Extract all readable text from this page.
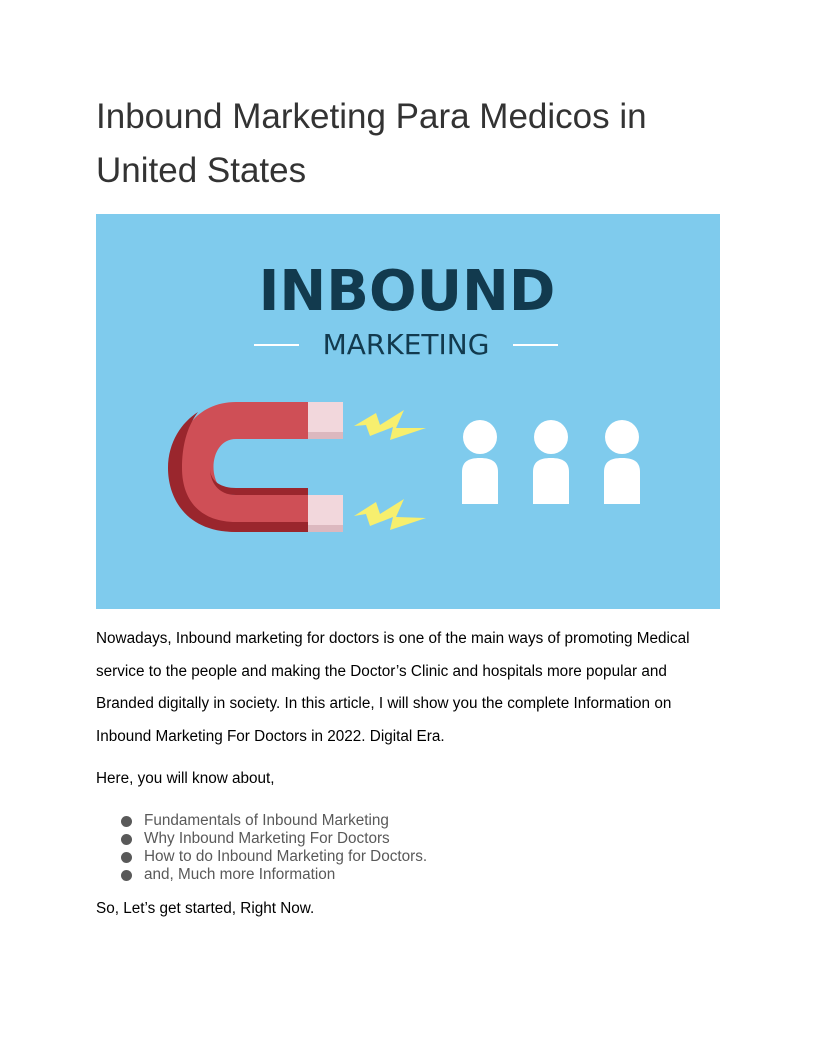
Inbound Marketing Para Medicos in United States
INBOUND
MARKETING

Nowadays, Inbound marketing for doctors is one of the main ways of promoting Medical service to the people and making the Doctor’s Clinic and hospitals more popular and Branded digitally in society. In this article, I will show you the complete Information on Inbound Marketing For Doctors in 2022. Digital Era.

Here, you will know about,

Fundamentals of Inbound Marketing
Why Inbound Marketing For Doctors
How to do Inbound Marketing for Doctors.
and, Much more Information

So, Let’s get started, Right Now.
